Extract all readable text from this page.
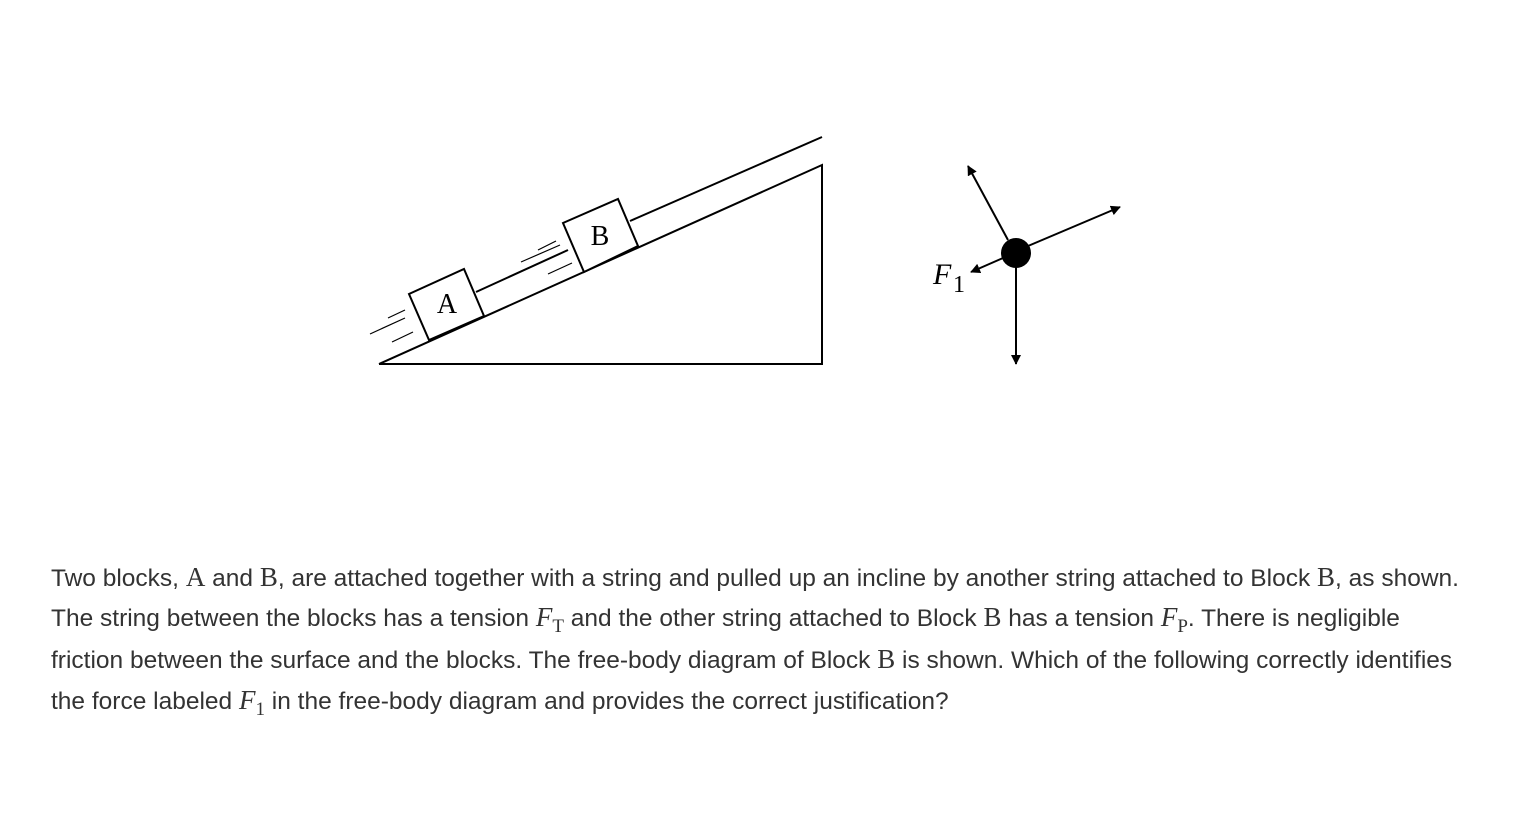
A
B
F 1
Two blocks, A and B, are attached together with a string and pulled up an incline by another string attached to Block B, as shown. The string between the blocks has a tension $F_T$ and the other string attached to Block B has a tension $F_P$. There is negligible friction between the surface and the blocks. The free-body diagram of Block B is shown. Which of the following correctly identifies the force labeled $F_1$ in the free-body diagram and provides the correct justification?
